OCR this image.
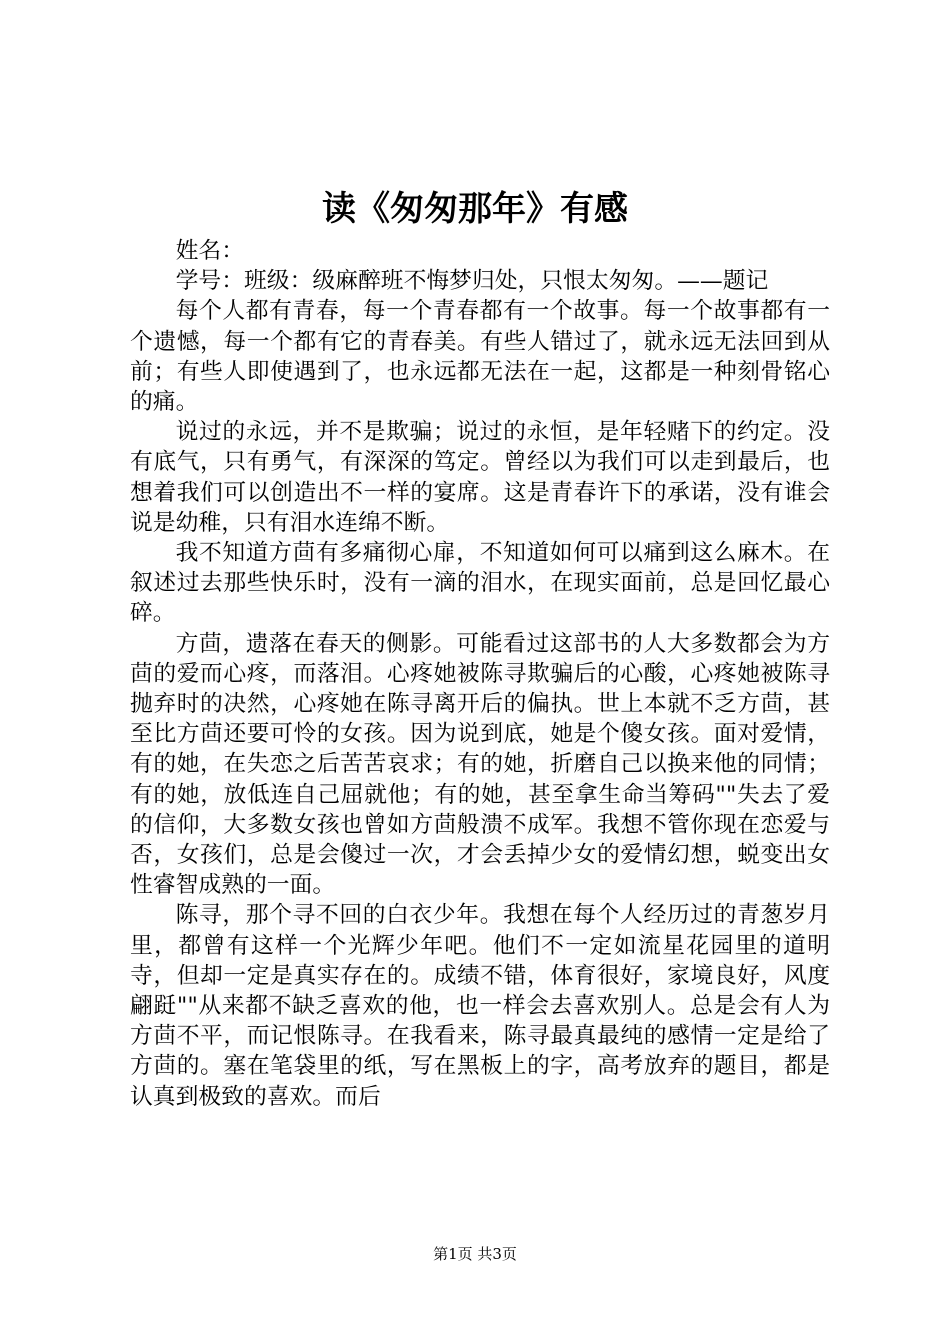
读《匆匆那年》有感

姓名：

学号：班级：级麻醉班不悔梦归处，只恨太匆匆。——题记

每个人都有青春，每一个青春都有一个故事。每一个故事都有一个遗憾，每一个都有它的青春美。有些人错过了，就永远无法回到从前；有些人即使遇到了，也永远都无法在一起，这都是一种刻骨铭心的痛。

说过的永远，并不是欺骗；说过的永恒，是年轻赌下的约定。没有底气，只有勇气，有深深的笃定。曾经以为我们可以走到最后，也想着我们可以创造出不一样的宴席。这是青春许下的承诺，没有谁会说是幼稚，只有泪水连绵不断。

我不知道方茴有多痛彻心扉，不知道如何可以痛到这么麻木。在叙述过去那些快乐时，没有一滴的泪水，在现实面前，总是回忆最心碎。

方茴，遗落在春天的侧影。可能看过这部书的人大多数都会为方茴的爱而心疼，而落泪。心疼她被陈寻欺骗后的心酸，心疼她被陈寻抛弃时的决然，心疼她在陈寻离开后的偏执。世上本就不乏方茴，甚至比方茴还要可怜的女孩。因为说到底，她是个傻女孩。面对爱情，有的她，在失恋之后苦苦哀求；有的她，折磨自己以换来他的同情；有的她，放低连自己屈就他；有的她，甚至拿生命当筹码""失去了爱的信仰，大多数女孩也曾如方茴般溃不成军。我想不管你现在恋爱与否，女孩们，总是会傻过一次，才会丢掉少女的爱情幻想，蜕变出女性睿智成熟的一面。

陈寻，那个寻不回的白衣少年。我想在每个人经历过的青葱岁月里，都曾有这样一个光辉少年吧。他们不一定如流星花园里的道明寺，但却一定是真实存在的。成绩不错，体育很好，家境良好，风度翩跹""从来都不缺乏喜欢的他，也一样会去喜欢别人。总是会有人为方茴不平，而记恨陈寻。在我看来，陈寻最真最纯的感情一定是给了方茴的。塞在笔袋里的纸，写在黑板上的字，高考放弃的题目，都是认真到极致的喜欢。而后

第1页 共3页
